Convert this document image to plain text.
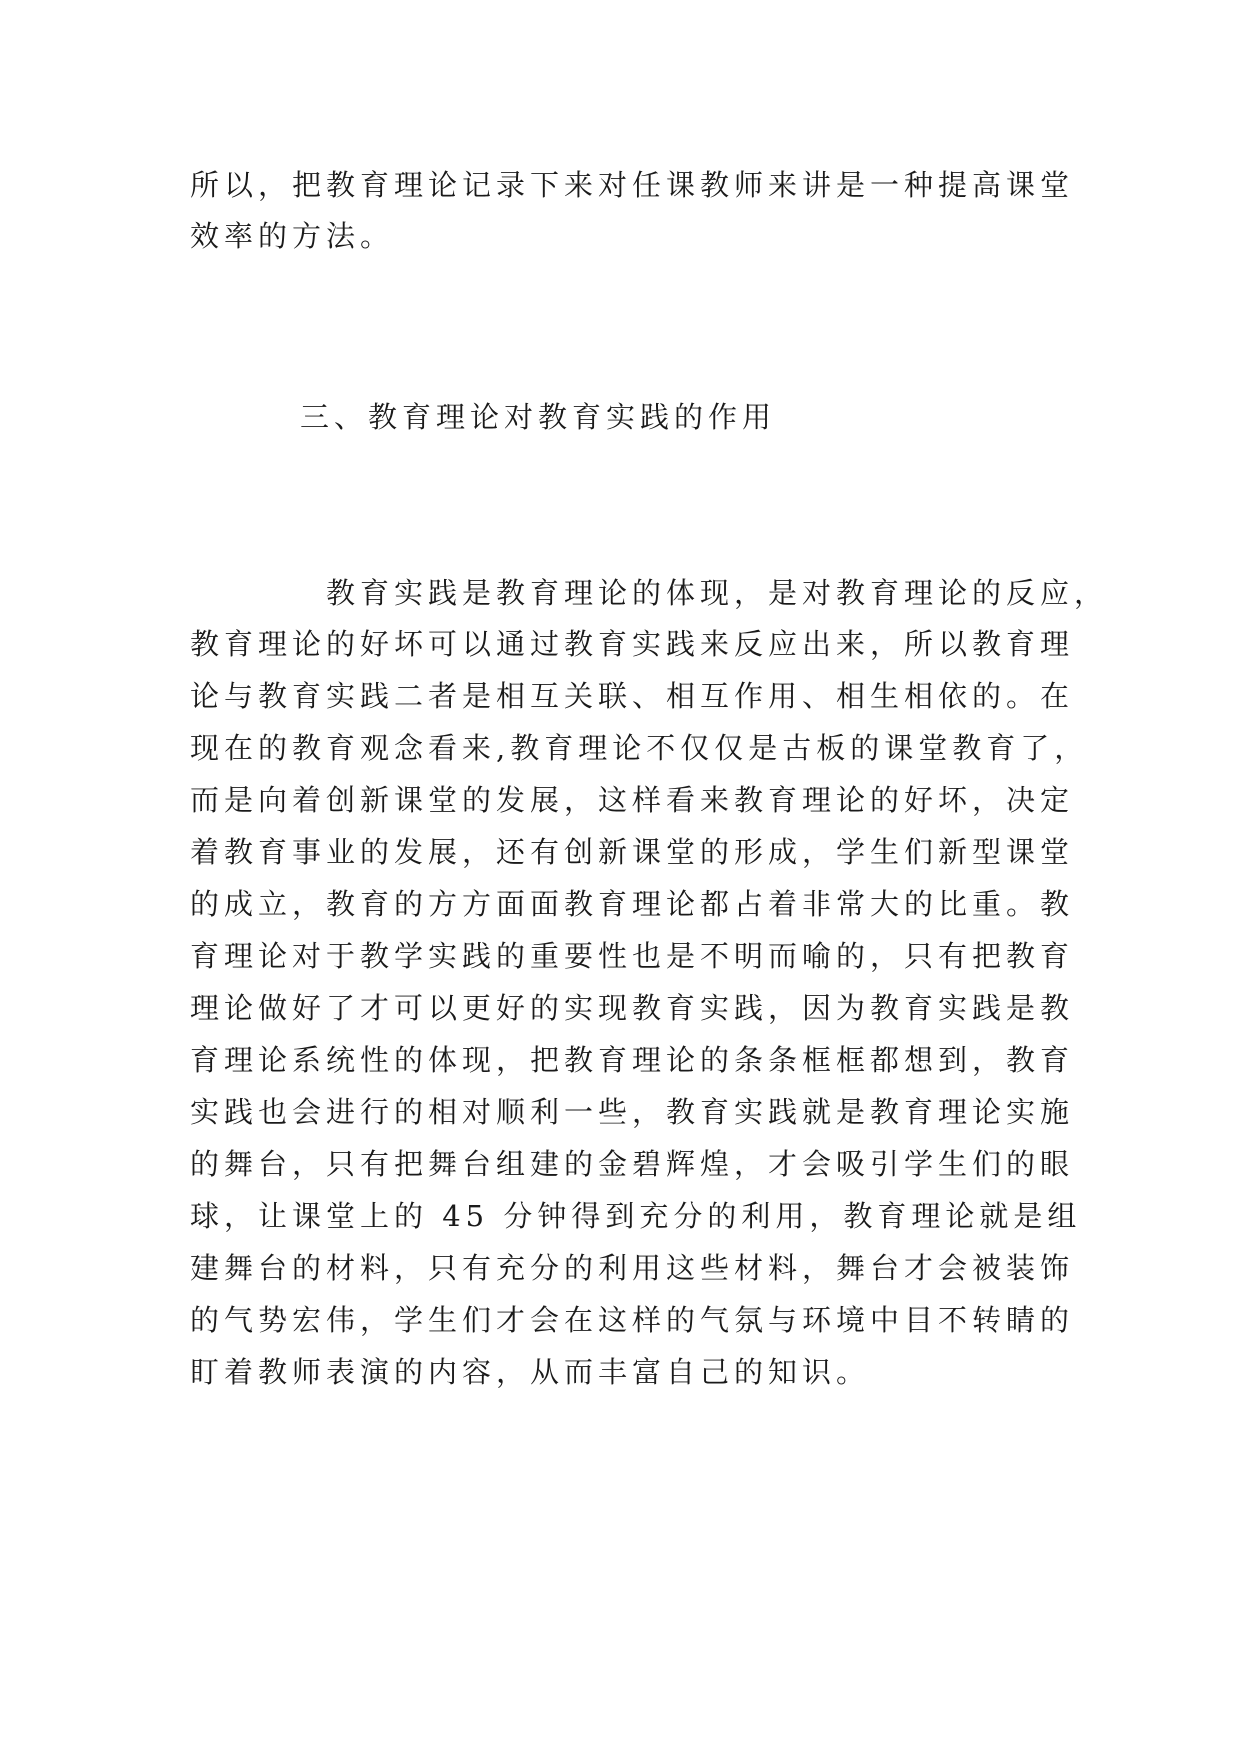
所以，把教育理论记录下来对任课教师来讲是一种提高课堂
效率的方法。
三、教育理论对教育实践的作用
　　　　教育实践是教育理论的体现，是对教育理论的反应，
教育理论的好坏可以通过教育实践来反应出来，所以教育理
论与教育实践二者是相互关联、相互作用、相生相依的。在
现在的教育观念看来,教育理论不仅仅是古板的课堂教育了，
而是向着创新课堂的发展，这样看来教育理论的好坏，决定
着教育事业的发展，还有创新课堂的形成，学生们新型课堂
的成立，教育的方方面面教育理论都占着非常大的比重。教
育理论对于教学实践的重要性也是不明而喻的，只有把教育
理论做好了才可以更好的实现教育实践，因为教育实践是教
育理论系统性的体现，把教育理论的条条框框都想到，教育
实践也会进行的相对顺利一些，教育实践就是教育理论实施
的舞台，只有把舞台组建的金碧辉煌，才会吸引学生们的眼
球，让课堂上的 45 分钟得到充分的利用，教育理论就是组
建舞台的材料，只有充分的利用这些材料，舞台才会被装饰
的气势宏伟，学生们才会在这样的气氛与环境中目不转睛的
盯着教师表演的内容，从而丰富自己的知识。
